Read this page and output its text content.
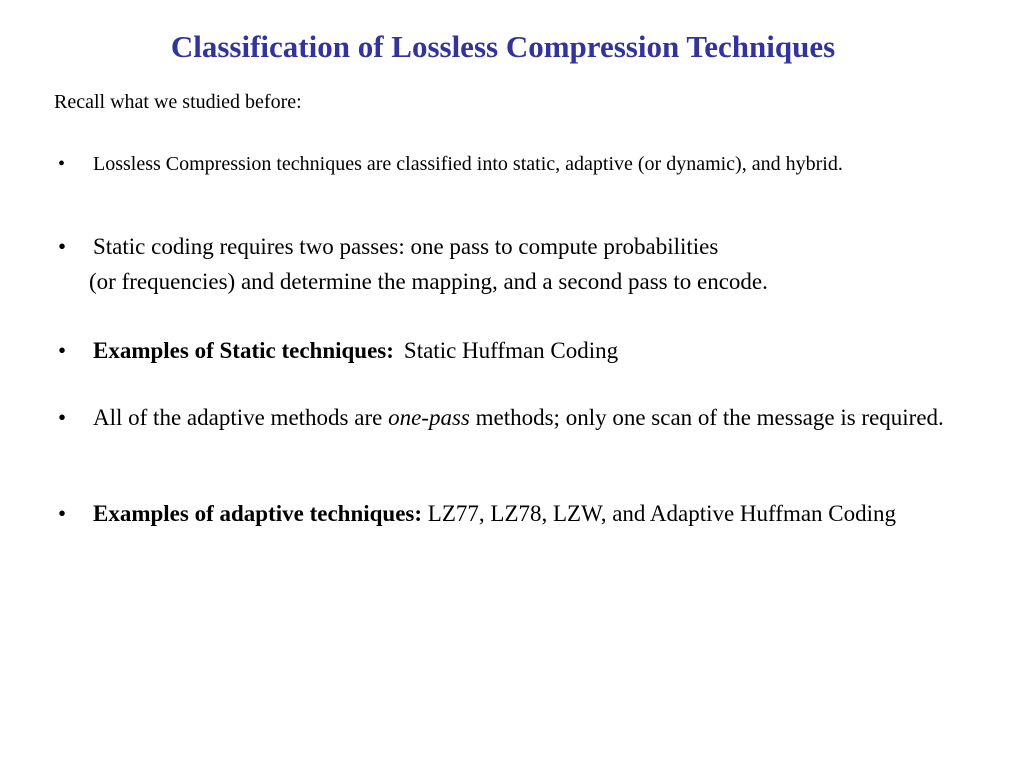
Classification of Lossless Compression Techniques
Recall what we studied before:
• Lossless Compression techniques are classified into static, adaptive (or dynamic), and hybrid.
• Static coding requires two passes: one pass to compute probabilities
(or frequencies) and determine the mapping, and a second pass to encode.
• Examples of Static techniques: Static Huffman Coding
• All of the adaptive methods are one-pass methods; only one scan of the message is required.
• Examples of adaptive techniques: LZ77, LZ78, LZW, and Adaptive Huffman Coding
